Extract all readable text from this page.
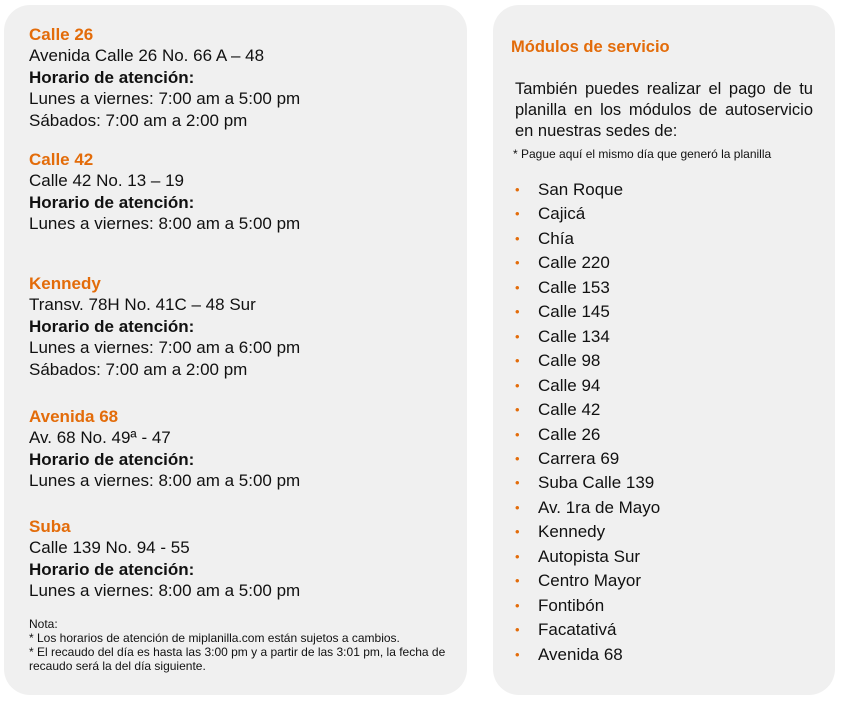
Calle 26
Avenida Calle 26 No. 66 A – 48
Horario de atención:
Lunes a viernes: 7:00 am a 5:00 pm
Sábados: 7:00 am a 2:00 pm
Calle 42
Calle 42 No. 13 – 19
Horario de atención:
Lunes a viernes: 8:00 am a 5:00 pm
Kennedy
Transv. 78H No. 41C – 48 Sur
Horario de atención:
Lunes a viernes: 7:00 am a 6:00 pm
Sábados: 7:00 am a 2:00 pm
Avenida 68
Av. 68 No. 49ª - 47
Horario de atención:
Lunes a viernes: 8:00 am a 5:00 pm
Suba
Calle 139 No. 94 - 55
Horario de atención:
Lunes a viernes: 8:00 am a 5:00 pm

Nota:

* Los horarios de atención de miplanilla.com están sujetos a cambios.

* El recaudo del día es hasta las 3:00 pm y a partir de las 3:01 pm, la fecha de recaudo será la del día siguiente.

Módulos de servicio
También puedes realizar el pago de tu planilla en los módulos de autoservicio en nuestras sedes de:
* Pague aquí el mismo día que generó la planilla
•	San Roque
•	Cajicá
•	Chía
•	Calle 220
•	Calle 153
•	Calle 145
•	Calle 134
•	Calle 98
•	Calle 94
•	Calle 42
•	Calle 26
•	Carrera 69
•	Suba Calle 139
•	Av. 1ra de Mayo
•	Kennedy
•	Autopista Sur
•	Centro Mayor
•	Fontibón
•	Facatativá
•	Avenida 68
